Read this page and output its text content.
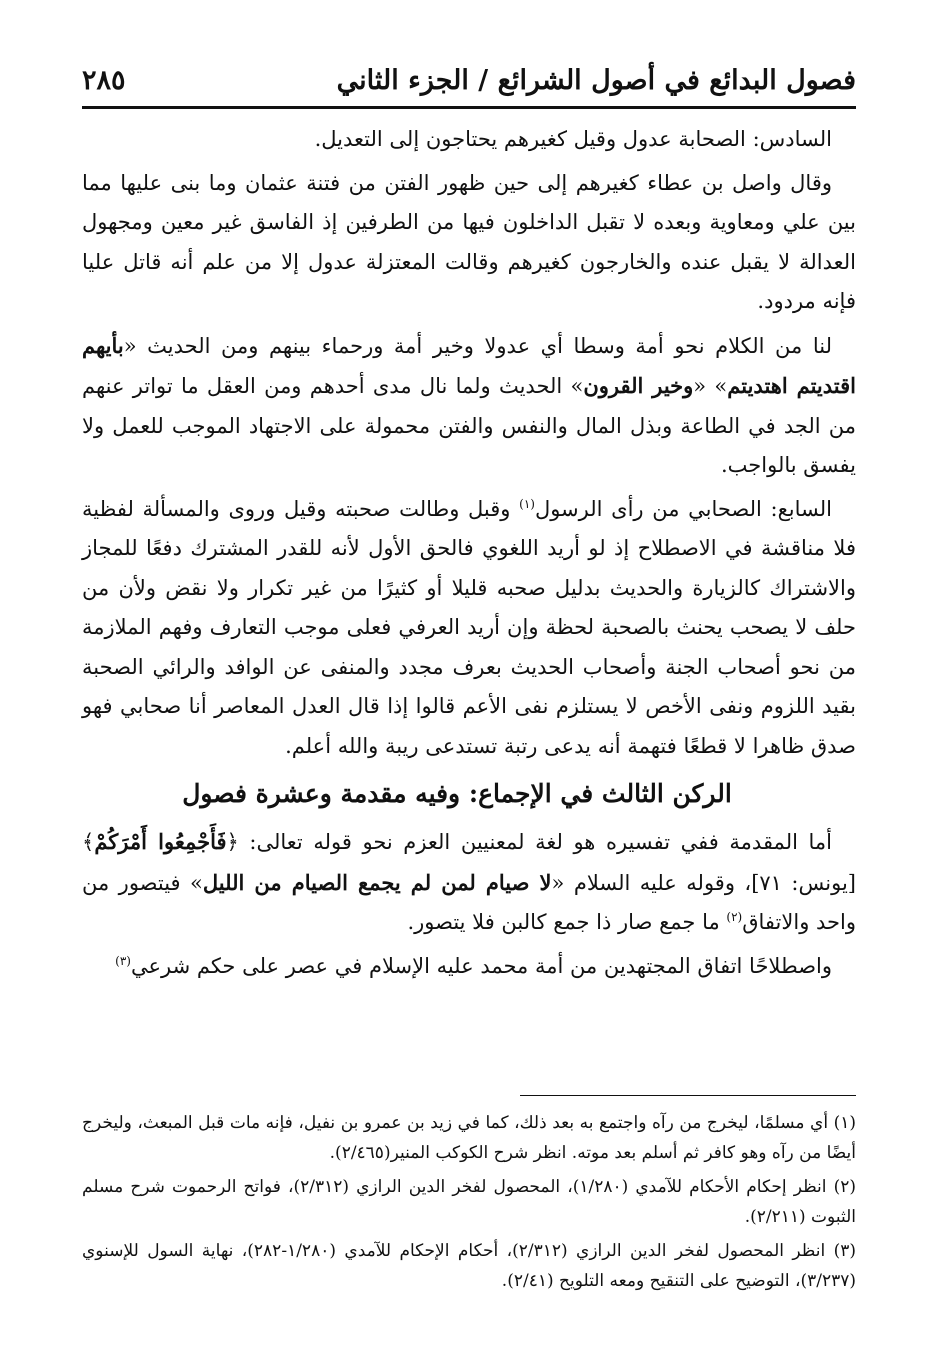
فصول البدائع في أصول الشرائع / الجزء الثاني
٢٨٥

السادس: الصحابة عدول وقيل كغيرهم يحتاجون إلى التعديل.

وقال واصل بن عطاء كغيرهم إلى حين ظهور الفتن من فتنة عثمان وما بنى عليها مما بين علي ومعاوية وبعده لا تقبل الداخلون فيها من الطرفين إذ الفاسق غير معين ومجهول العدالة لا يقبل عنده والخارجون كغيرهم وقالت المعتزلة عدول إلا من علم أنه قاتل عليا فإنه مردود.

لنا من الكلام نحو أمة وسطا أي عدولا وخير أمة ورحماء بينهم ومن الحديث «بأيهم اقتديتم اهتديتم» «وخير القرون» الحديث ولما نال مدى أحدهم ومن العقل ما تواتر عنهم من الجد في الطاعة وبذل المال والنفس والفتن محمولة على الاجتهاد الموجب للعمل ولا يفسق بالواجب.

السابع: الصحابي من رأى الرسول$^{(١)}$ وقبل وطالت صحبته وقيل وروى والمسألة لفظية فلا مناقشة في الاصطلاح إذ لو أريد اللغوي فالحق الأول لأنه للقدر المشترك دفعًا للمجاز والاشتراك كالزيارة والحديث بدليل صحبه قليلا أو كثيرًا من غير تكرار ولا نقض ولأن من حلف لا يصحب يحنث بالصحبة لحظة وإن أريد العرفي فعلى موجب التعارف وفهم الملازمة من نحو أصحاب الجنة وأصحاب الحديث بعرف مجدد والمنفى عن الوافد والرائي الصحبة بقيد اللزوم ونفى الأخص لا يستلزم نفى الأعم قالوا إذا قال العدل المعاصر أنا صحابي فهو صدق ظاهرا لا قطعًا فتهمة أنه يدعى رتبة تستدعى ريبة والله أعلم.

الركن الثالث في الإجماع: وفيه مقدمة وعشرة فصول

أما المقدمة ففي تفسيره هو لغة لمعنيين العزم نحو قوله تعالى: ﴿فَأَجْمِعُوا أَمْرَكُمْ﴾ [يونس: ٧١]، وقوله عليه السلام «لا صيام لمن لم يجمع الصيام من الليل» فيتصور من واحد والاتفاق$^{(٢)}$ ما جمع صار ذا جمع كالبن فلا يتصور.

واصطلاحًا اتفاق المجتهدين من أمة محمد عليه الإسلام في عصر على حكم شرعي$^{(٣)}$

(١) أي مسلمًا، ليخرج من رآه واجتمع به بعد ذلك، كما في زيد بن عمرو بن نفيل، فإنه مات قبل المبعث، وليخرج أيضًا من رآه وهو كافر ثم أسلم بعد موته. انظر شرح الكوكب المنير(٢/٤٦٥).

(٢) انظر إحكام الأحكام للآمدي (١/٢٨٠)، المحصول لفخر الدين الرازي (٢/٣١٢)، فواتح الرحموت شرح مسلم الثبوت (٢/٢١١).

(٣) انظر المحصول لفخر الدين الرازي (٢/٣١٢)، أحكام الإحكام للآمدي (١/٢٨٠-٢٨٢)، نهاية السول للإسنوي (٣/٢٣٧)، التوضيح على التنقيح ومعه التلويح (٢/٤١).
